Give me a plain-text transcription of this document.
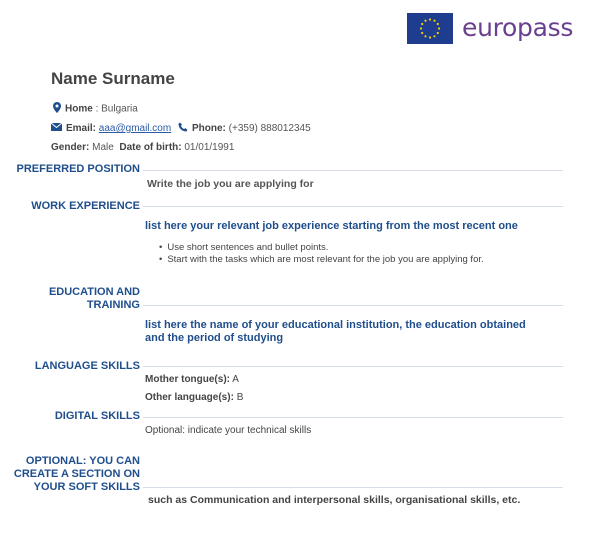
europass
Name Surname
Home : Bulgaria
Email: aaa@gmail.com Phone: (+359) 888012345
Gender: Male Date of birth: 01/01/1991
PREFERRED POSITION
Write the job you are applying for
WORK EXPERIENCE
list here your relevant job experience starting from the most recent one
• Use short sentences and bullet points.
• Start with the tasks which are most relevant for the job you are applying for.
EDUCATION AND
TRAINING
list here the name of your educational institution, the education obtained
and the period of studying
LANGUAGE SKILLS
Mother tongue(s): A
Other language(s): B
DIGITAL SKILLS
Optional: indicate your technical skills
OPTIONAL: YOU CAN
CREATE A SECTION ON
YOUR SOFT SKILLS
such as Communication and interpersonal skills, organisational skills, etc.
